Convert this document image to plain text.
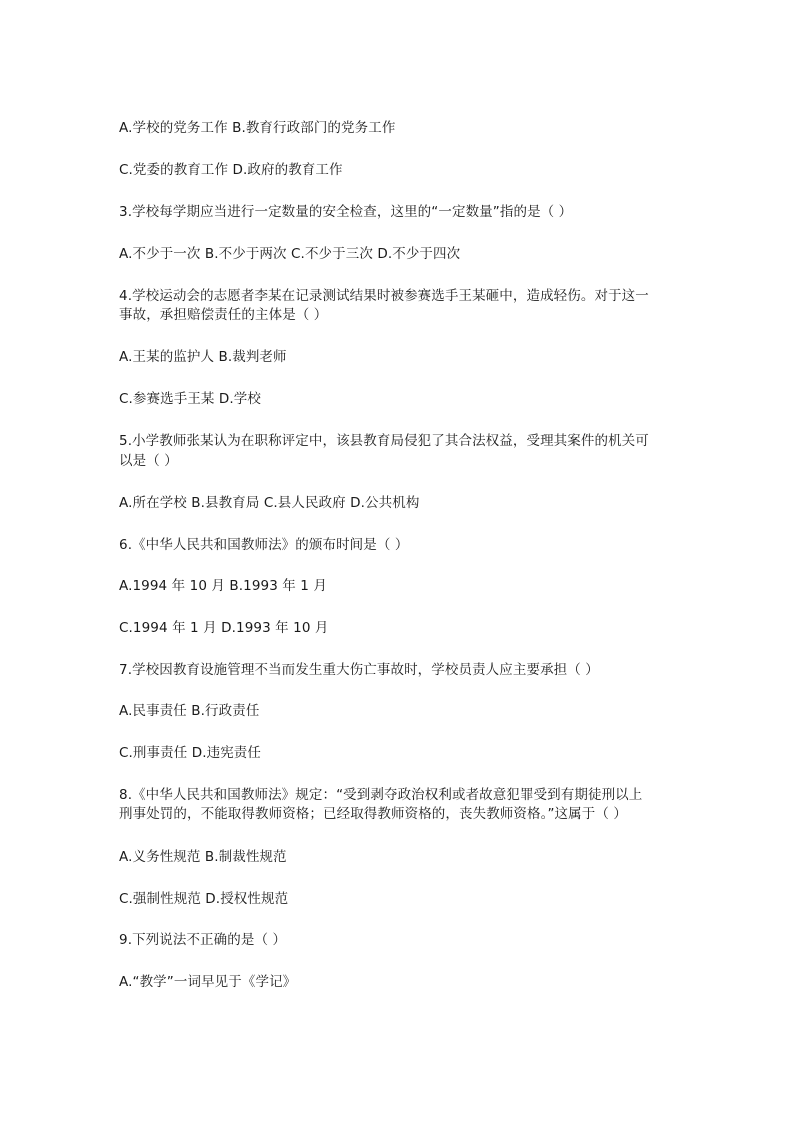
A.学校的党务工作 B.教育行政部门的党务工作
C.党委的教育工作 D.政府的教育工作
3.学校每学期应当进行一定数量的安全检查，这里的“一定数量”指的是（ ）
A.不少于一次 B.不少于两次 C.不少于三次 D.不少于四次
4.学校运动会的志愿者李某在记录测试结果时被参赛选手王某砸中，造成轻伤。对于这一
事故，承担赔偿责任的主体是（ ）
A.王某的监护人 B.裁判老师
C.参赛选手王某 D.学校
5.小学教师张某认为在职称评定中，该县教育局侵犯了其合法权益，受理其案件的机关可
以是（ ）
A.所在学校 B.县教育局 C.县人民政府 D.公共机构
6.《中华人民共和国教师法》的颁布时间是（ ）
A.1994 年 10 月 B.1993 年 1 月
C.1994 年 1 月 D.1993 年 10 月
7.学校因教育设施管理不当而发生重大伤亡事故时，学校员责人应主要承担（ ）
A.民事责任 B.行政责任
C.刑事责任 D.违宪责任
8.《中华人民共和国教师法》规定：“受到剥夺政治权利或者故意犯罪受到有期徒刑以上
刑事处罚的，不能取得教师资格；已经取得教师资格的，丧失教师资格。”这属于（ ）
A.义务性规范 B.制裁性规范
C.强制性规范 D.授权性规范
9.下列说法不正确的是（ ）
A.“教学”一词早见于《学记》
